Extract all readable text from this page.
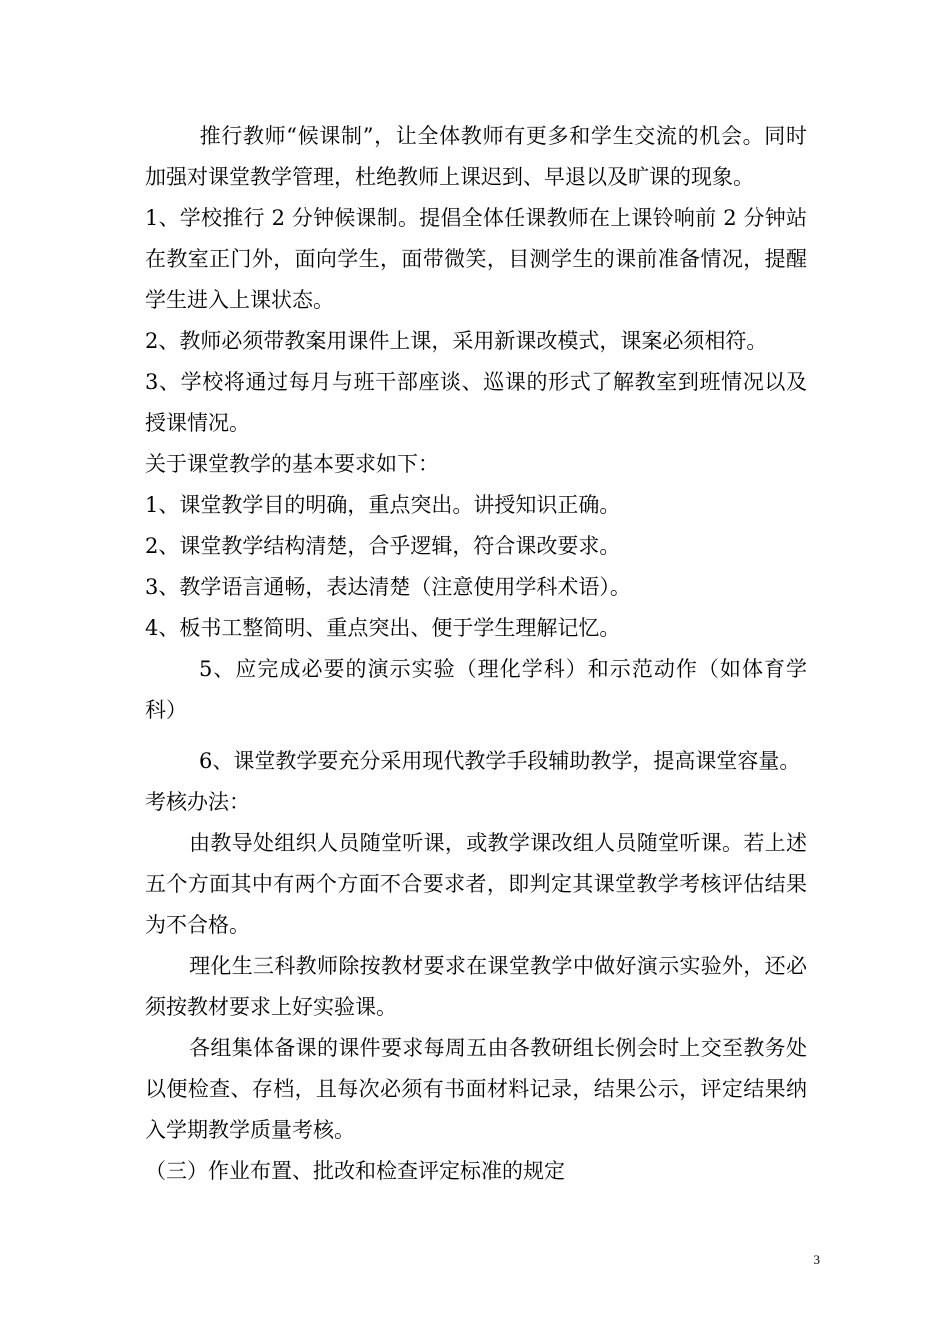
推行教师“候课制”，让全体教师有更多和学生交流的机会。同时加强对课堂教学管理，杜绝教师上课迟到、早退以及旷课的现象。

1、学校推行 2 分钟候课制。提倡全体任课教师在上课铃响前 2 分钟站在教室正门外，面向学生，面带微笑，目测学生的课前准备情况，提醒学生进入上课状态。

2、教师必须带教案用课件上课，采用新课改模式，课案必须相符。

3、学校将通过每月与班干部座谈、巡课的形式了解教室到班情况以及授课情况。

关于课堂教学的基本要求如下：

1、课堂教学目的明确，重点突出。讲授知识正确。

2、课堂教学结构清楚，合乎逻辑，符合课改要求。

3、教学语言通畅，表达清楚（注意使用学科术语）。

4、板书工整简明、重点突出、便于学生理解记忆。

5、应完成必要的演示实验（理化学科）和示范动作（如体育学科）

6、课堂教学要充分采用现代教学手段辅助教学，提高课堂容量。

考核办法：

由教导处组织人员随堂听课，或教学课改组人员随堂听课。若上述五个方面其中有两个方面不合要求者，即判定其课堂教学考核评估结果为不合格。

理化生三科教师除按教材要求在课堂教学中做好演示实验外，还必须按教材要求上好实验课。

各组集体备课的课件要求每周五由各教研组长例会时上交至教务处以便检查、存档，且每次必须有书面材料记录，结果公示，评定结果纳入学期教学质量考核。

（三）作业布置、批改和检查评定标准的规定

3
